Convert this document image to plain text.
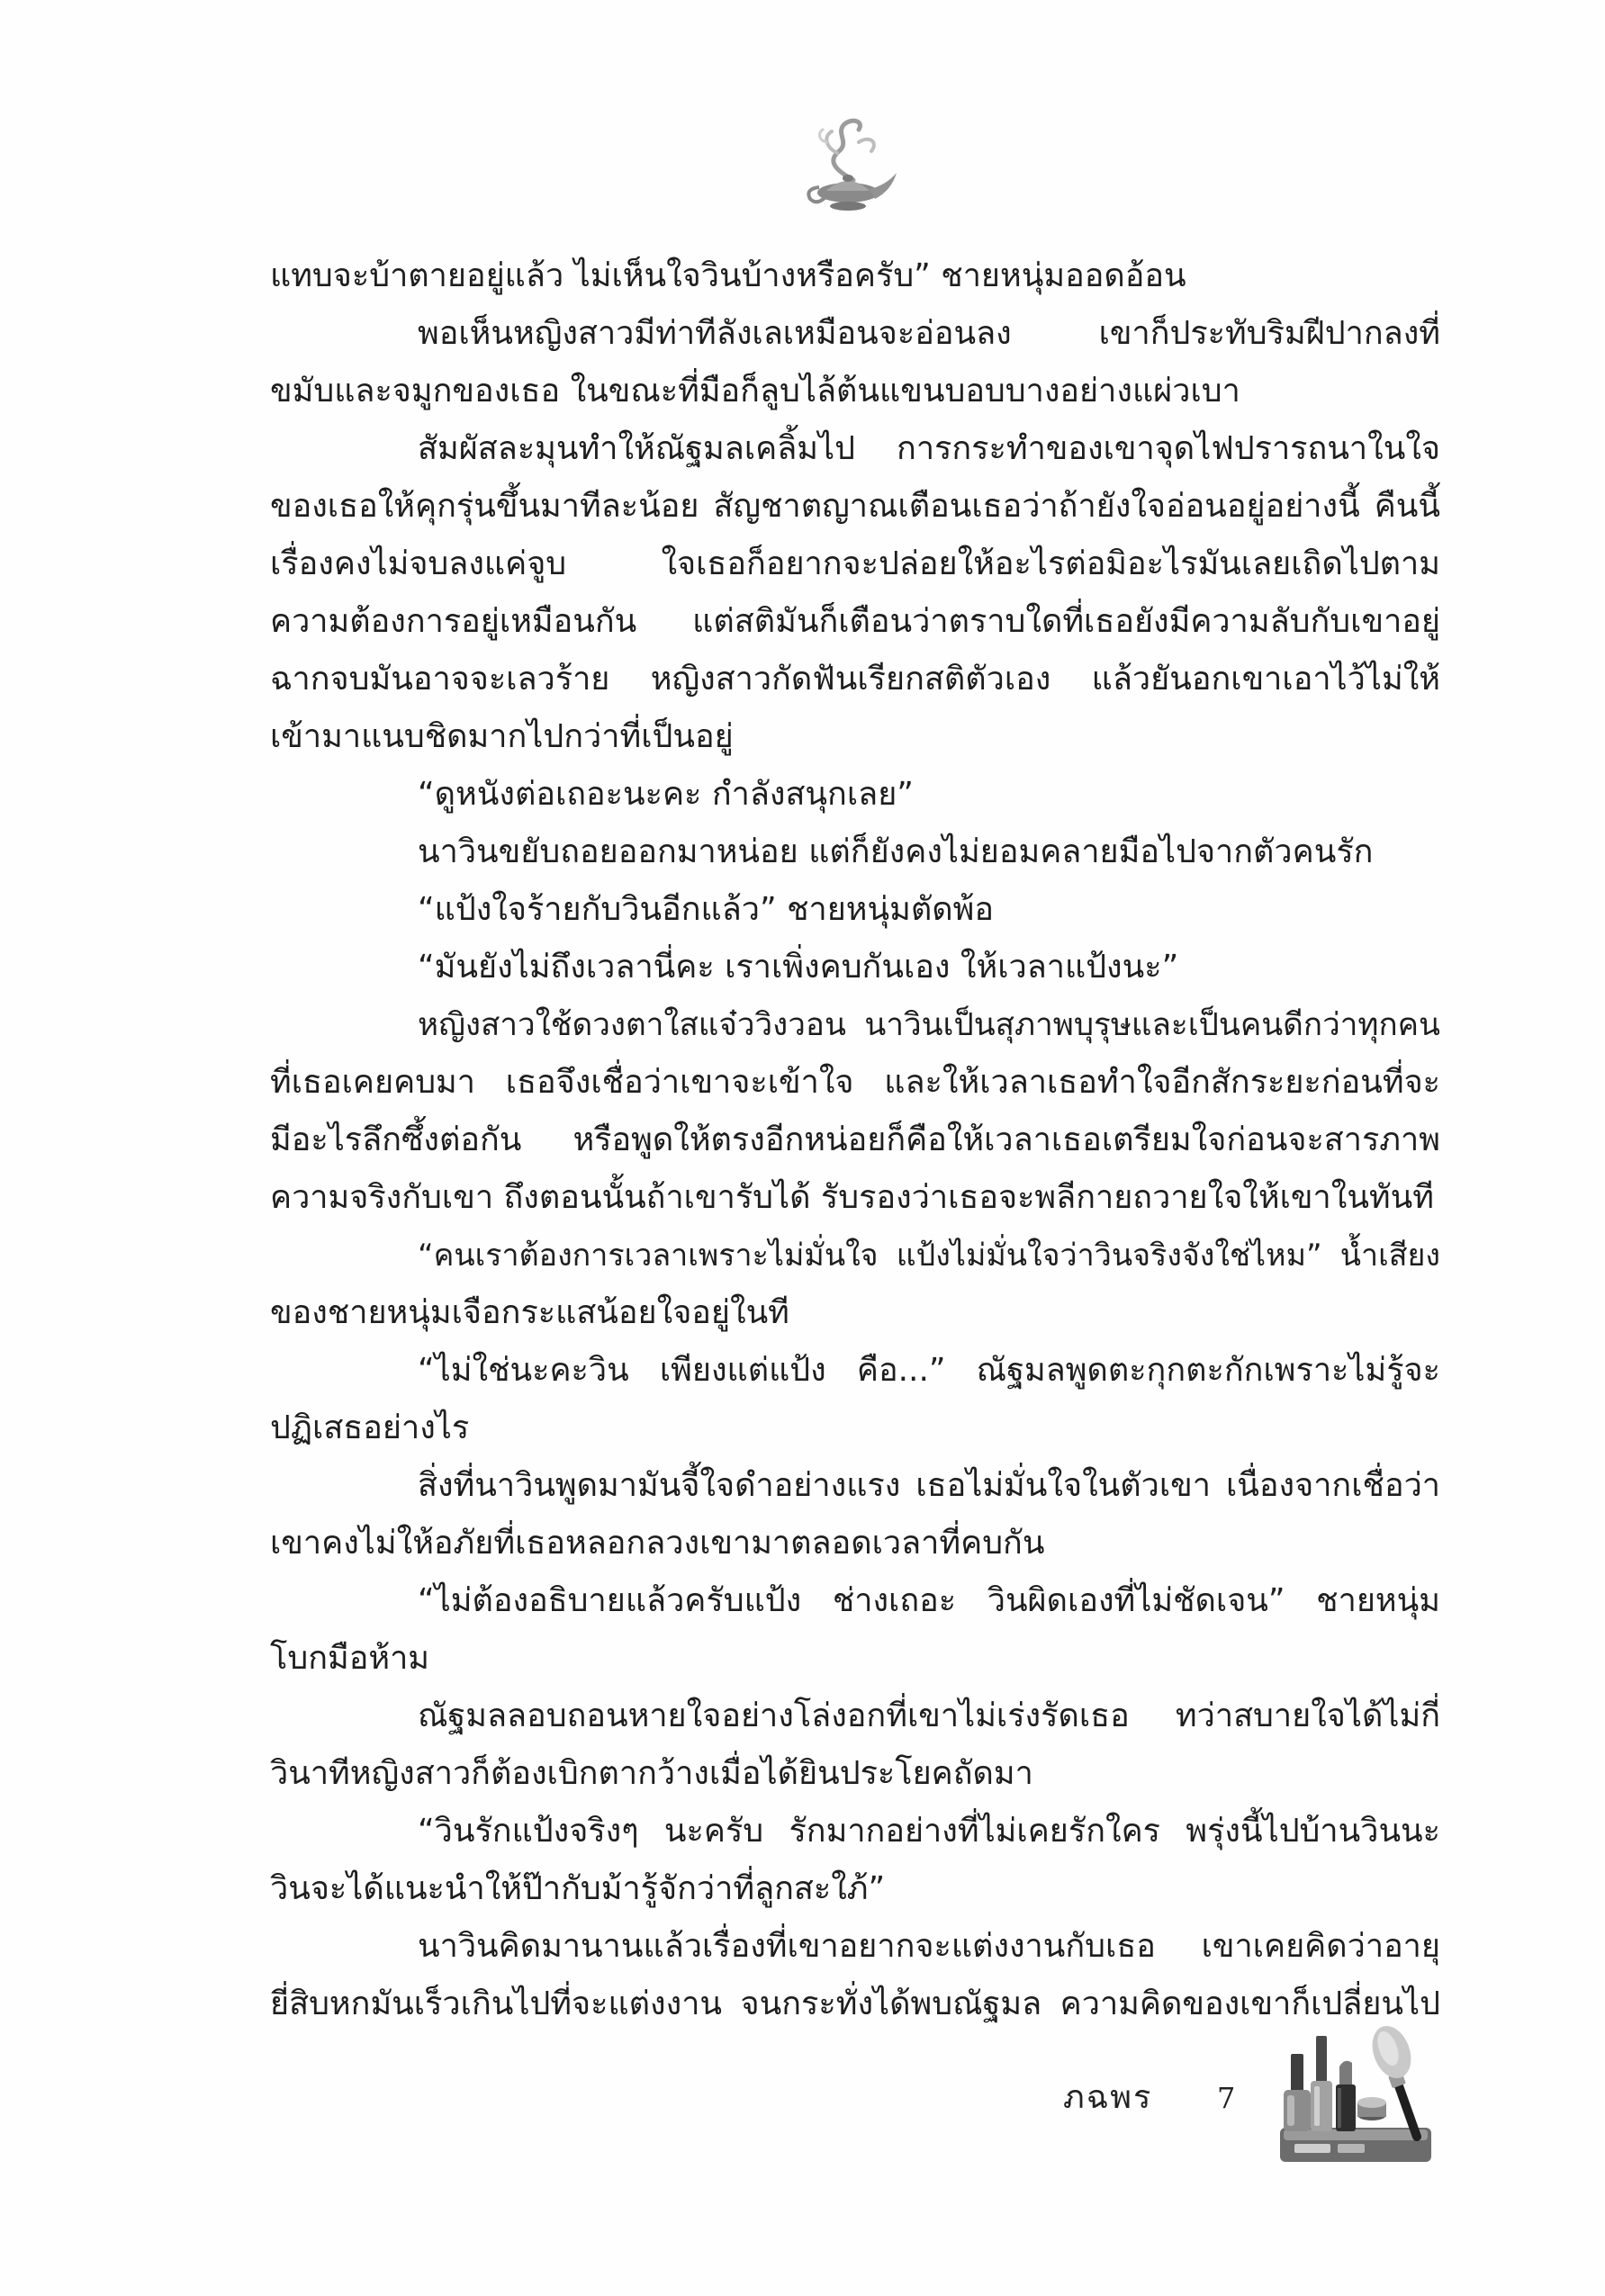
แทบจะบ้าตายอยู่แล้ว ไม่เห็นใจวินบ้างหรือครับ” ชายหนุ่มออดอ้อน
พอเห็นหญิงสาวมีท่าทีลังเลเหมือนจะอ่อนลง เขาก็ประทับริมฝีปากลงที่
ขมับและจมูกของเธอ ในขณะที่มือก็ลูบไล้ต้นแขนบอบบางอย่างแผ่วเบา
สัมผัสละมุนทำให้ณัฐมลเคลิ้มไป การกระทำของเขาจุดไฟปรารถนาในใจ
ของเธอให้คุกรุ่นขึ้นมาทีละน้อย สัญชาตญาณเตือนเธอว่าถ้ายังใจอ่อนอยู่อย่างนี้ คืนนี้
เรื่องคงไม่จบลงแค่จูบ ใจเธอก็อยากจะปล่อยให้อะไรต่อมิอะไรมันเลยเถิดไปตาม
ความต้องการอยู่เหมือนกัน แต่สติมันก็เตือนว่าตราบใดที่เธอยังมีความลับกับเขาอยู่
ฉากจบมันอาจจะเลวร้าย หญิงสาวกัดฟันเรียกสติตัวเอง แล้วยันอกเขาเอาไว้ไม่ให้
เข้ามาแนบชิดมากไปกว่าที่เป็นอยู่
“ดูหนังต่อเถอะนะคะ กำลังสนุกเลย”
นาวินขยับถอยออกมาหน่อย แต่ก็ยังคงไม่ยอมคลายมือไปจากตัวคนรัก
“แป้งใจร้ายกับวินอีกแล้ว” ชายหนุ่มตัดพ้อ
“มันยังไม่ถึงเวลานี่คะ เราเพิ่งคบกันเอง ให้เวลาแป้งนะ”
หญิงสาวใช้ดวงตาใสแจ๋ววิงวอน นาวินเป็นสุภาพบุรุษและเป็นคนดีกว่าทุกคน
ที่เธอเคยคบมา เธอจึงเชื่อว่าเขาจะเข้าใจ และให้เวลาเธอทำใจอีกสักระยะก่อนที่จะ
มีอะไรลึกซึ้งต่อกัน หรือพูดให้ตรงอีกหน่อยก็คือให้เวลาเธอเตรียมใจก่อนจะสารภาพ
ความจริงกับเขา ถึงตอนนั้นถ้าเขารับได้ รับรองว่าเธอจะพลีกายถวายใจให้เขาในทันที
“คนเราต้องการเวลาเพราะไม่มั่นใจ แป้งไม่มั่นใจว่าวินจริงจังใช่ไหม” น้ำเสียง
ของชายหนุ่มเจือกระแสน้อยใจอยู่ในที
“ไม่ใช่นะคะวิน เพียงแต่แป้ง คือ...” ณัฐมลพูดตะกุกตะกักเพราะไม่รู้จะ
ปฏิเสธอย่างไร
สิ่งที่นาวินพูดมามันจี้ใจดำอย่างแรง เธอไม่มั่นใจในตัวเขา เนื่องจากเชื่อว่า
เขาคงไม่ให้อภัยที่เธอหลอกลวงเขามาตลอดเวลาที่คบกัน
“ไม่ต้องอธิบายแล้วครับแป้ง ช่างเถอะ วินผิดเองที่ไม่ชัดเจน” ชายหนุ่ม
โบกมือห้าม
ณัฐมลลอบถอนหายใจอย่างโล่งอกที่เขาไม่เร่งรัดเธอ ทว่าสบายใจได้ไม่กี่
วินาทีหญิงสาวก็ต้องเบิกตากว้างเมื่อได้ยินประโยคถัดมา
“วินรักแป้งจริงๆ นะครับ รักมากอย่างที่ไม่เคยรักใคร พรุ่งนี้ไปบ้านวินนะ
วินจะได้แนะนำให้ป๊ากับม้ารู้จักว่าที่ลูกสะใภ้”
นาวินคิดมานานแล้วเรื่องที่เขาอยากจะแต่งงานกับเธอ เขาเคยคิดว่าอายุ
ยี่สิบหกมันเร็วเกินไปที่จะแต่งงาน จนกระทั่งได้พบณัฐมล ความคิดของเขาก็เปลี่ยนไป
ภฉพร 7
